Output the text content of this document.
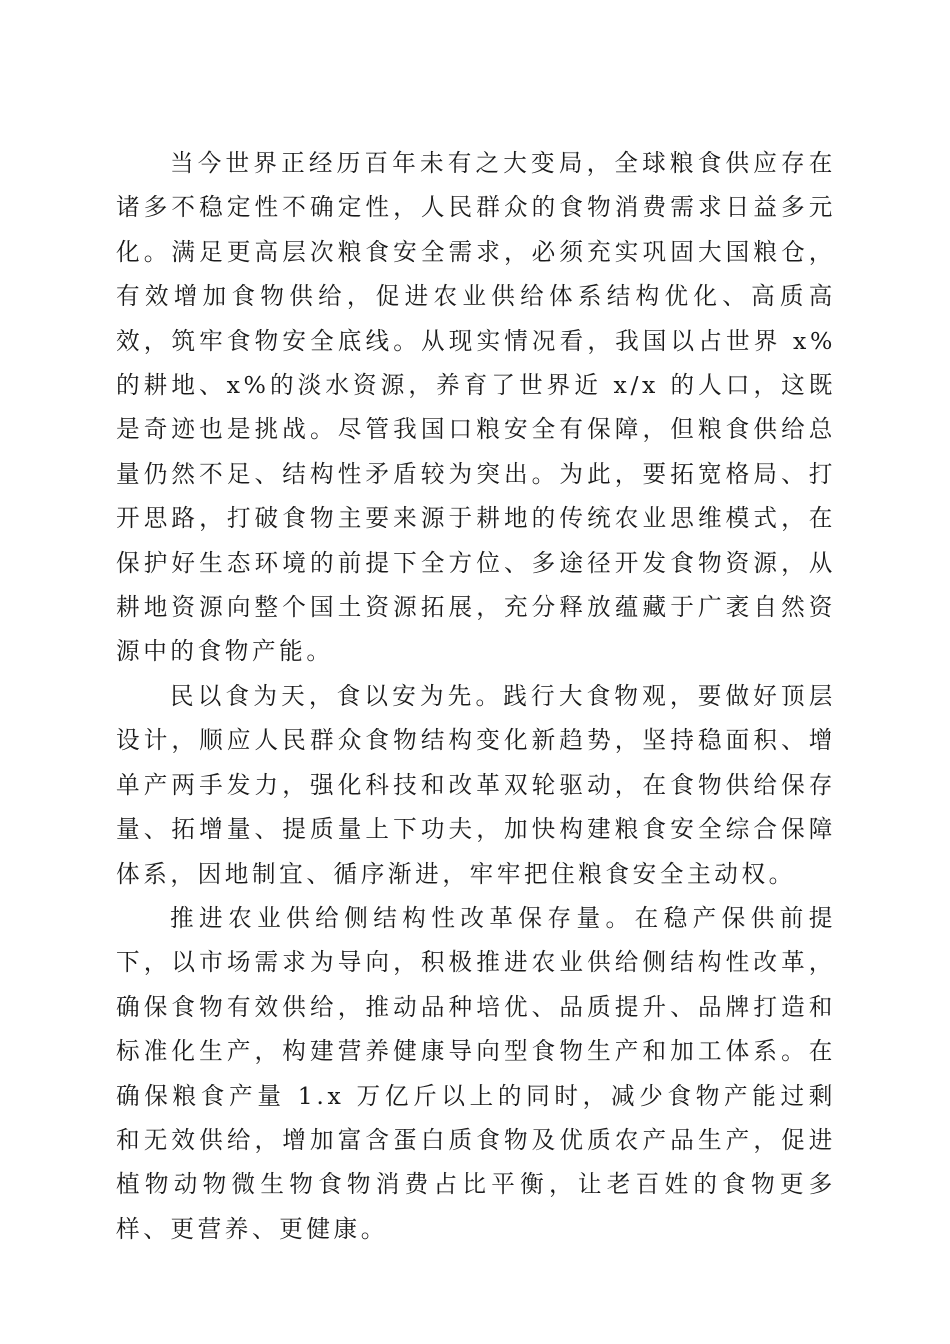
当今世界正经历百年未有之大变局，全球粮食供应存在诸多不稳定性不确定性，人民群众的食物消费需求日益多元化。满足更高层次粮食安全需求，必须充实巩固大国粮仓，有效增加食物供给，促进农业供给体系结构优化、高质高效，筑牢食物安全底线。从现实情况看，我国以占世界 x%的耕地、x%的淡水资源，养育了世界近 x/x 的人口，这既是奇迹也是挑战。尽管我国口粮安全有保障，但粮食供给总量仍然不足、结构性矛盾较为突出。为此，要拓宽格局、打开思路，打破食物主要来源于耕地的传统农业思维模式，在保护好生态环境的前提下全方位、多途径开发食物资源，从耕地资源向整个国土资源拓展，充分释放蕴藏于广袤自然资源中的食物产能。

民以食为天，食以安为先。践行大食物观，要做好顶层设计，顺应人民群众食物结构变化新趋势，坚持稳面积、增单产两手发力，强化科技和改革双轮驱动，在食物供给保存量、拓增量、提质量上下功夫，加快构建粮食安全综合保障体系，因地制宜、循序渐进，牢牢把住粮食安全主动权。

推进农业供给侧结构性改革保存量。在稳产保供前提下，以市场需求为导向，积极推进农业供给侧结构性改革，确保食物有效供给，推动品种培优、品质提升、品牌打造和标准化生产，构建营养健康导向型食物生产和加工体系。在确保粮食产量 1.x 万亿斤以上的同时，减少食物产能过剩和无效供给，增加富含蛋白质食物及优质农产品生产，促进植物动物微生物食物消费占比平衡，让老百姓的食物更多样、更营养、更健康。
